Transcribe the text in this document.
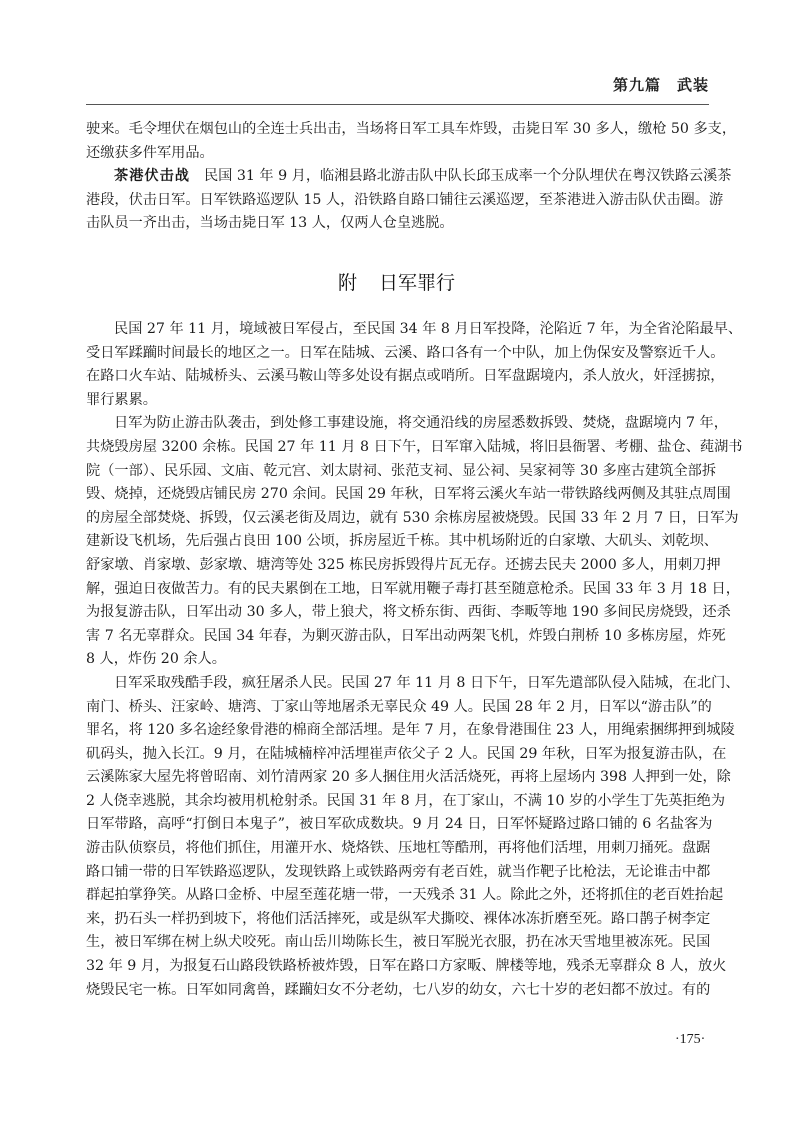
第九篇　武装
驶来。毛令埋伏在烟包山的全连士兵出击，当场将日军工具车炸毁，击毙日军 30 多人，缴枪 50 多支，
还缴获多件军用品。
茶港伏击战 民国 31 年 9 月，临湘县路北游击队中队长邱玉成率一个分队埋伏在粤汉铁路云溪茶
港段，伏击日军。日军铁路巡逻队 15 人，沿铁路自路口铺往云溪巡逻，至茶港进入游击队伏击圈。游
击队员一齐出击，当场击毙日军 13 人，仅两人仓皇逃脱。
附 日军罪行
民国 27 年 11 月，境域被日军侵占，至民国 34 年 8 月日军投降，沦陷近 7 年，为全省沦陷最早、
受日军蹂躏时间最长的地区之一。日军在陆城、云溪、路口各有一个中队，加上伪保安及警察近千人。
在路口火车站、陆城桥头、云溪马鞍山等多处设有据点或哨所。日军盘踞境内，杀人放火，奸淫掳掠，
罪行累累。
日军为防止游击队袭击，到处修工事建设施，将交通沿线的房屋悉数拆毁、焚烧，盘踞境内 7 年，
共烧毁房屋 3200 余栋。民国 27 年 11 月 8 日下午，日军窜入陆城，将旧县衙署、考棚、盐仓、莼湖书
院（一部）、民乐园、文庙、乾元宫、刘太尉祠、张范支祠、显公祠、吴家祠等 30 多座古建筑全部拆
毁、烧掉，还烧毁店铺民房 270 余间。民国 29 年秋，日军将云溪火车站一带铁路线两侧及其驻点周围
的房屋全部焚烧、拆毁，仅云溪老街及周边，就有 530 余栋房屋被烧毁。民国 33 年 2 月 7 日，日军为
建新设飞机场，先后强占良田 100 公顷，拆房屋近千栋。其中机场附近的白家墩、大矶头、刘乾坝、
舒家墩、肖家墩、彭家墩、塘湾等处 325 栋民房拆毁得片瓦无存。还掳去民夫 2000 多人，用刺刀押
解，强迫日夜做苦力。有的民夫累倒在工地，日军就用鞭子毒打甚至随意枪杀。民国 33 年 3 月 18 日，
为报复游击队，日军出动 30 多人，带上狼犬，将文桥东街、西街、李畈等地 190 多间民房烧毁，还杀
害 7 名无辜群众。民国 34 年春，为剿灭游击队，日军出动两架飞机，炸毁白荆桥 10 多栋房屋，炸死
8 人，炸伤 20 余人。
日军采取残酷手段，疯狂屠杀人民。民国 27 年 11 月 8 日下午，日军先遣部队侵入陆城，在北门、
南门、桥头、汪家岭、塘湾、丁家山等地屠杀无辜民众 49 人。民国 28 年 2 月，日军以“游击队”的
罪名，将 120 多名途经象骨港的棉商全部活埋。是年 7 月，在象骨港围住 23 人，用绳索捆绑押到城陵
矶码头，抛入长江。9 月，在陆城楠梓冲活埋崔声依父子 2 人。民国 29 年秋，日军为报复游击队，在
云溪陈家大屋先将曾昭南、刘竹清两家 20 多人捆住用火活活烧死，再将上屋场内 398 人押到一处，除
2 人侥幸逃脱，其余均被用机枪射杀。民国 31 年 8 月，在丁家山，不满 10 岁的小学生丁先英拒绝为
日军带路，高呼“打倒日本鬼子”，被日军砍成数块。9 月 24 日，日军怀疑路过路口铺的 6 名盐客为
游击队侦察员，将他们抓住，用灌开水、烧烙铁、压地杠等酷刑，再将他们活埋，用刺刀捅死。盘踞
路口铺一带的日军铁路巡逻队，发现铁路上或铁路两旁有老百姓，就当作靶子比枪法，无论谁击中都
群起拍掌狰笑。从路口金桥、中屋至莲花塘一带，一天残杀 31 人。除此之外，还将抓住的老百姓抬起
来，扔石头一样扔到坡下，将他们活活摔死，或是纵军犬撕咬、裸体冰冻折磨至死。路口鹊子树李定
生，被日军绑在树上纵犬咬死。南山岳川坳陈长生，被日军脱光衣服，扔在冰天雪地里被冻死。民国
32 年 9 月，为报复石山路段铁路桥被炸毁，日军在路口方家畈、牌楼等地，残杀无辜群众 8 人，放火
烧毁民宅一栋。日军如同禽兽，蹂躏妇女不分老幼，七八岁的幼女，六七十岁的老妇都不放过。有的
·175·
